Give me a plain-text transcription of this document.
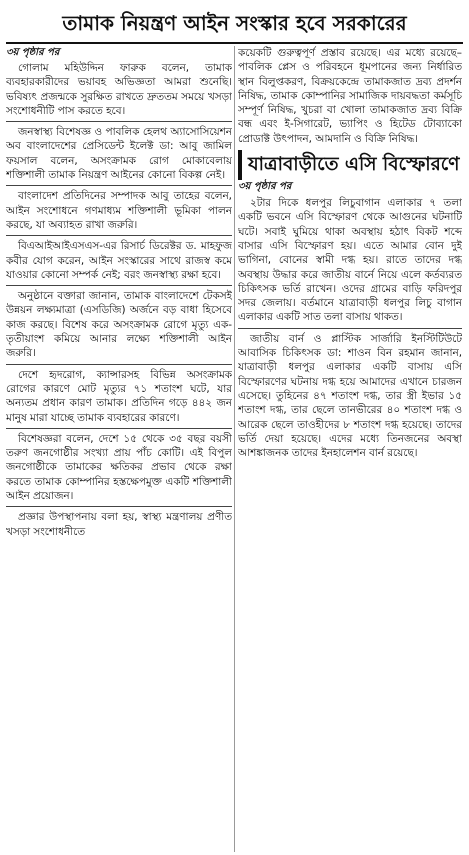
তামাক নিয়ন্ত্রণ আইন সংস্কার হবে সরকারের
৩য় পৃষ্ঠার পর

গোলাম মহিউদ্দিন ফারুক বলেন, তামাক ব্যবহারকারীদের ভয়াবহ অভিজ্ঞতা আমরা শুনেছি। ভবিষ্যৎ প্রজন্মকে সুরক্ষিত রাখতে দ্রুততম সময়ে খসড়া সংশোধনীটি পাস করতে হবে।

জনস্বাস্থ্য বিশেষজ্ঞ ও পাবলিক হেলথ অ্যাসোসিয়েশন অব বাংলাদেশের প্রেসিডেন্ট ইলেক্ট ডা: আবু জামিল ফয়সাল বলেন, অসংক্রামক রোগ মোকাবেলায় শক্তিশালী তামাক নিয়ন্ত্রণ আইনের কোনো বিকল্প নেই।

বাংলাদেশ প্রতিদিনের সম্পাদক আবু তাহের বলেন, আইন সংশোধনে গণমাধ্যম শক্তিশালী ভূমিকা পালন করছে, যা অব্যাহত রাখা জরুরি।

বিএআইআইএসএস-এর রিসার্চ ডিরেক্টর ড. মাহফুজ কবীর যোগ করেন, আইন সংস্কারের সাথে রাজস্ব কমে যাওয়ার কোনো সম্পর্ক নেই; বরং জনস্বাস্থ্য রক্ষা হবে।

অনুষ্ঠানে বক্তারা জানান, তামাক বাংলাদেশে টেকসই উন্নয়ন লক্ষ্যমাত্রা (এসডিজি) অর্জনে বড় বাধা হিসেবে কাজ করছে। বিশেষ করে অসংক্রামক রোগে মৃত্যু এক-তৃতীয়াংশ কমিয়ে আনার লক্ষ্যে শক্তিশালী আইন জরুরি।

দেশে হৃদরোগ, ক্যান্সারসহ বিভিন্ন অসংক্রামক রোগের কারণে মোট মৃত্যুর ৭১ শতাংশ ঘটে, যার অন্যতম প্রধান কারণ তামাক। প্রতিদিন গড়ে ৪৪২ জন মানুষ মারা যাচ্ছে তামাক ব্যবহারের কারণে।

বিশেষজ্ঞরা বলেন, দেশে ১৫ থেকে ৩৫ বছর বয়সী তরুণ জনগোষ্ঠীর সংখ্যা প্রায় পাঁচ কোটি। এই বিপুল জনগোষ্ঠীকে তামাকের ক্ষতিকর প্রভাব থেকে রক্ষা করতে তামাক কোম্পানির হস্তক্ষেপমুক্ত একটি শক্তিশালী আইন প্রয়োজন।

প্রজ্ঞার উপস্থাপনায় বলা হয়, স্বাস্থ্য মন্ত্রণালয় প্রণীত খসড়া সংশোধনীতে

কয়েকটি গুরুত্বপূর্ণ প্রস্তাব রয়েছে। এর মধ্যে রয়েছে– পাবলিক প্লেস ও পরিবহনে ধূমপানের জন্য নির্ধারিত স্থান বিলুপ্তকরণ, বিক্রয়কেন্দ্রে তামাকজাত দ্রব্য প্রদর্শন নিষিদ্ধ, তামাক কোম্পানির সামাজিক দায়বদ্ধতা কর্মসূচি সম্পূর্ণ নিষিদ্ধ, খুচরা বা খোলা তামাকজাত দ্রব্য বিক্রি বন্ধ এবং ই-সিগারেট, ভ্যাপিং ও হিটেড টোব্যাকো প্রোডাক্ট উৎপাদন, আমদানি ও বিক্রি নিষিদ্ধ।

যাত্রাবাড়ীতে এসি বিস্ফোরণে
৩য় পৃষ্ঠার পর

২টার দিকে ধলপুর লিচুবাগান এলাকার ৭ তলা একটি ভবনে এসি বিস্ফোরণ থেকে আগুনের ঘটনাটি ঘটে। সবাই ঘুমিয়ে থাকা অবস্থায় হঠাৎ বিকট শব্দে বাসার এসি বিস্ফোরণ হয়। এতে আমার বোন দুই ভাগিনা, বোনের স্বামী দগ্ধ হয়। রাতে তাদের দগ্ধ অবস্থায় উদ্ধার করে জাতীয় বার্নে নিয়ে এলে কর্তব্যরত চিকিৎসক ভর্তি রাখেন। ওদের গ্রামের বাড়ি ফরিদপুর সদর জেলায়। বর্তমানে যাত্রাবাড়ী ধলপুর লিচু বাগান এলাকার একটি সাত তলা বাসায় থাকত।

জাতীয় বার্ন ও প্লাস্টিক সার্জারি ইনস্টিটিউটে আবাসিক চিকিৎসক ডা: শাওন বিন রহমান জানান, যাত্রাবাড়ী ধলপুর এলাকার একটি বাসায় এসি বিস্ফোরণের ঘটনায় দগ্ধ হয়ে আমাদের এখানে চারজন এসেছে। তুহিনের ৪৭ শতাংশ দগ্ধ, তার স্ত্রী ইভার ১৫ শতাংশ দগ্ধ, তার ছেলে তানভীরের ৪০ শতাংশ দগ্ধ ও আরেক ছেলে তাওহীদের ৮ শতাংশ দগ্ধ হয়েছে। তাদের ভর্তি দেয়া হয়েছে। এদের মধ্যে তিনজনের অবস্থা আশঙ্কাজনক তাদের ইনহালেশন বার্ন রয়েছে।
